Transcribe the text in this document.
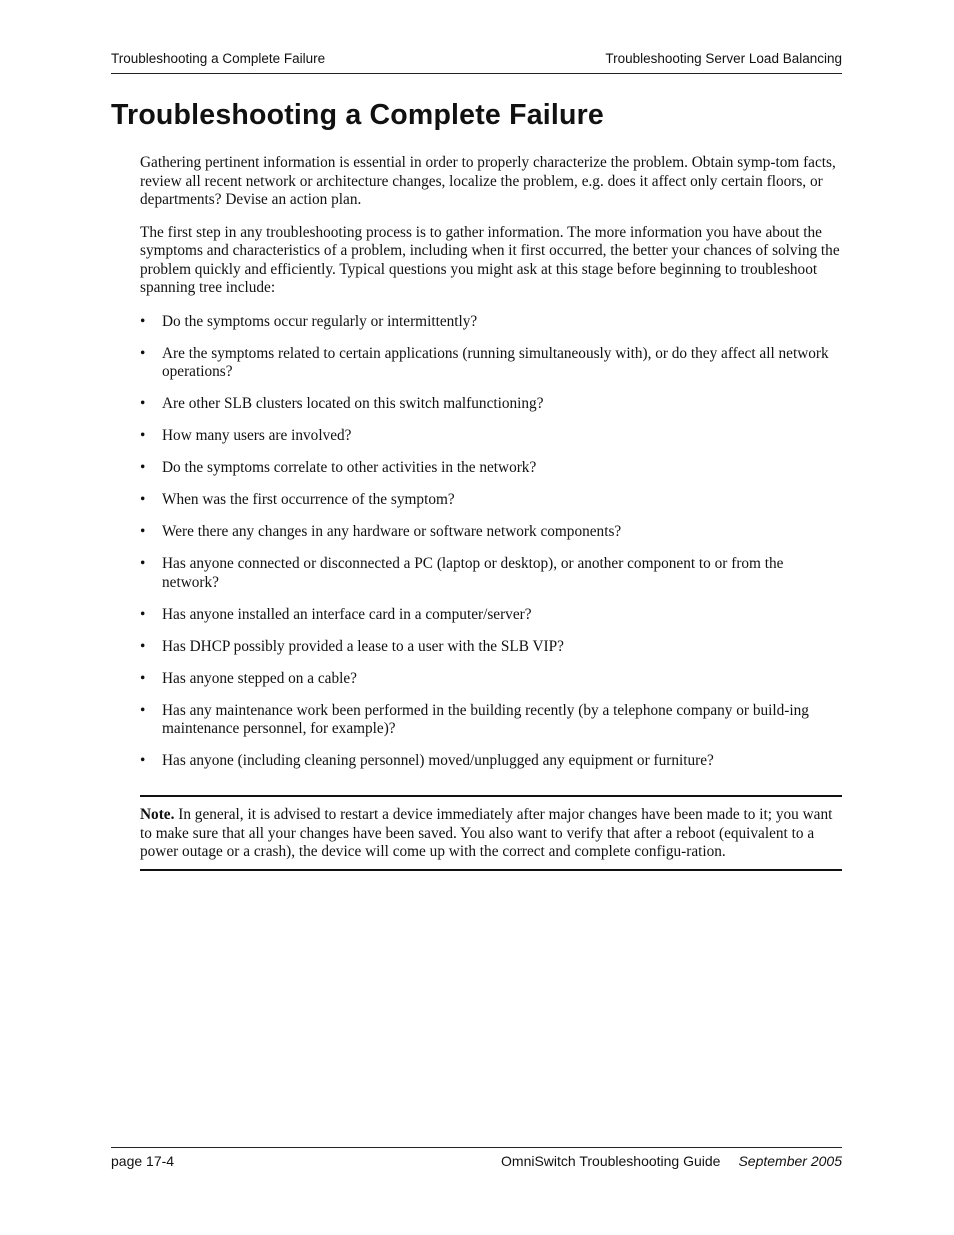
Troubleshooting a Complete Failure	Troubleshooting Server Load Balancing
Troubleshooting a Complete Failure

Gathering pertinent information is essential in order to properly characterize the problem. Obtain symp-tom facts, review all recent network or architecture changes, localize the problem, e.g. does it affect only certain floors, or departments? Devise an action plan.

The first step in any troubleshooting process is to gather information. The more information you have about the symptoms and characteristics of a problem, including when it first occurred, the better your chances of solving the problem quickly and efficiently. Typical questions you might ask at this stage before beginning to troubleshoot spanning tree include:

• Do the symptoms occur regularly or intermittently?
• Are the symptoms related to certain applications (running simultaneously with), or do they affect all network operations?
• Are other SLB clusters located on this switch malfunctioning?
• How many users are involved?
• Do the symptoms correlate to other activities in the network?
• When was the first occurrence of the symptom?
• Were there any changes in any hardware or software network components?
• Has anyone connected or disconnected a PC (laptop or desktop), or another component to or from the network?
• Has anyone installed an interface card in a computer/server?
• Has DHCP possibly provided a lease to a user with the SLB VIP?
• Has anyone stepped on a cable?
• Has any maintenance work been performed in the building recently (by a telephone company or build-ing maintenance personnel, for example)?
• Has anyone (including cleaning personnel) moved/unplugged any equipment or furniture?
Note. In general, it is advised to restart a device immediately after major changes have been made to it; you want to make sure that all your changes have been saved. You also want to verify that after a reboot (equivalent to a power outage or a crash), the device will come up with the correct and complete configu-ration.
page 17-4	OmniSwitch Troubleshooting Guide September 2005
